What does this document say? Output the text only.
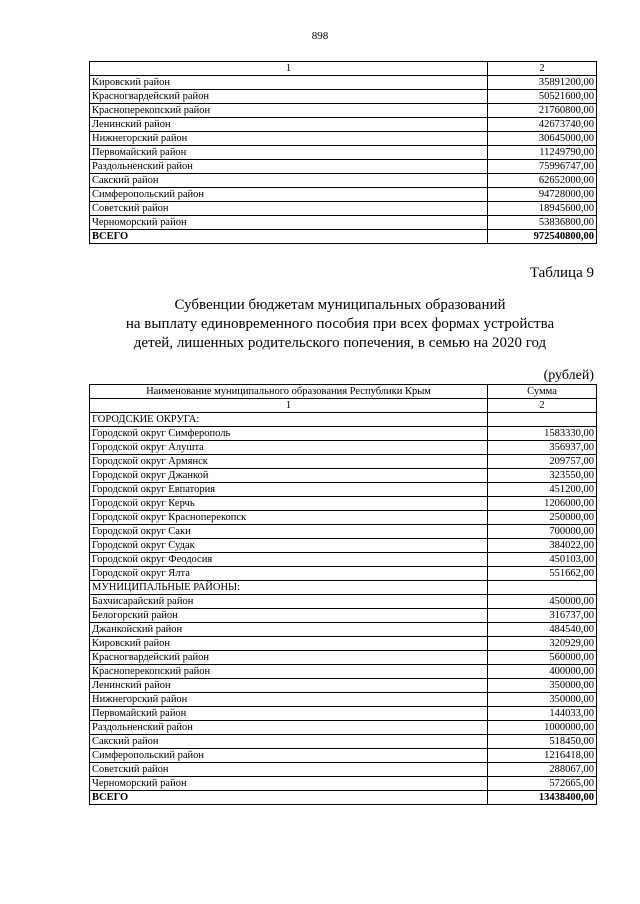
898
1	2
Кировский район	35891200,00
Красногвардейский район	50521600,00
Красноперекопский район	21760800,00
Ленинский район	42673740,00
Нижнегорский район	30645000,00
Первомайский район	11249790,00
Раздольненский район	75996747,00
Сакский район	62652000,00
Симферопольский район	94728000,00
Советский район	18945600,00
Черноморский район	53836800,00
ВСЕГО	972540800,00
Таблица 9
Субвенции бюджетам муниципальных образований
на выплату единовременного пособия при всех формах устройства
детей, лишенных родительского попечения, в семью на 2020 год
(рублей)
Наименование муниципального образования Республики Крым	Сумма
1	2
ГОРОДСКИЕ ОКРУГА:	
Городской округ Симферополь	1583330,00
Городской округ Алушта	356937,00
Городской округ Армянск	209757,00
Городской округ Джанкой	323550,00
Городской округ Евпатория	451200,00
Городской округ Керчь	1206000,00
Городской округ Красноперекопск	250000,00
Городской округ Саки	700000,00
Городской округ Судак	384022,00
Городской округ Феодосия	450103,00
Городской округ Ялта	551662,00
МУНИЦИПАЛЬНЫЕ РАЙОНЫ:	
Бахчисарайский район	450000,00
Белогорский район	316737,00
Джанкойский район	484540,00
Кировский район	320929,00
Красногвардейский район	560000,00
Красноперекопский район	400000,00
Ленинский район	350000,00
Нижнегорский район	350000,00
Первомайский район	144033,00
Раздольненский район	1000000,00
Сакский район	518450,00
Симферопольский район	1216418,00
Советский район	288067,00
Черноморский район	572665,00
ВСЕГО	13438400,00
